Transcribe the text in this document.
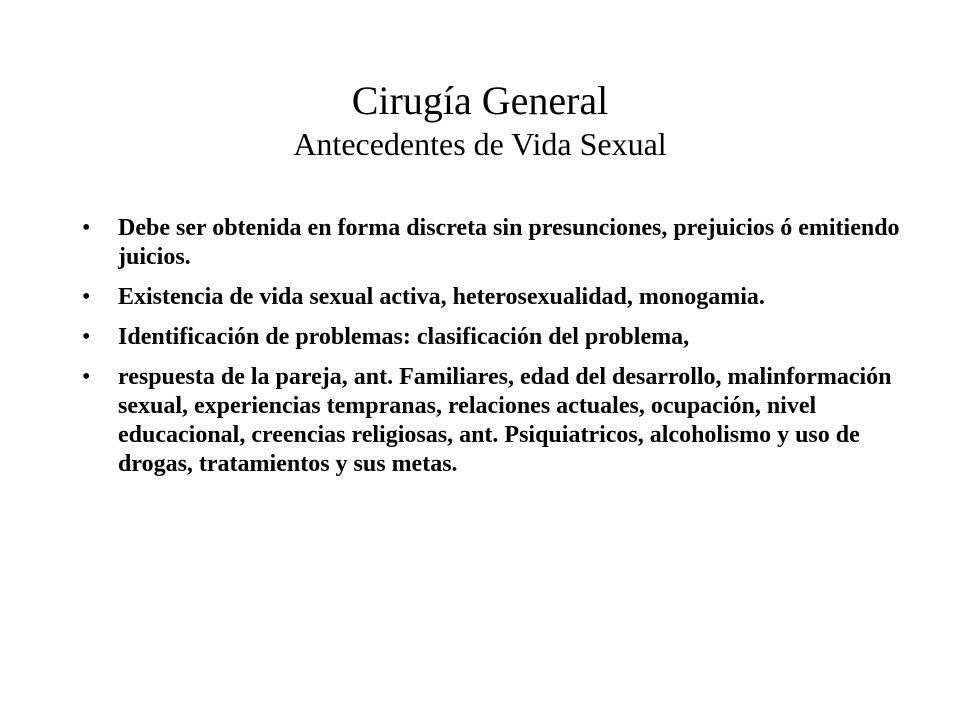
Cirugía General
Antecedentes de Vida Sexual
• Debe ser obtenida en forma discreta sin presunciones, prejuicios ó emitiendo juicios.
• Existencia de vida sexual activa, heterosexualidad, monogamia.
• Identificación de problemas: clasificación del problema,
• respuesta de la pareja, ant. Familiares, edad del desarrollo, malinformación sexual, experiencias tempranas, relaciones actuales, ocupación, nivel educacional, creencias religiosas, ant. Psiquiatricos, alcoholismo y uso de drogas, tratamientos y sus metas.
